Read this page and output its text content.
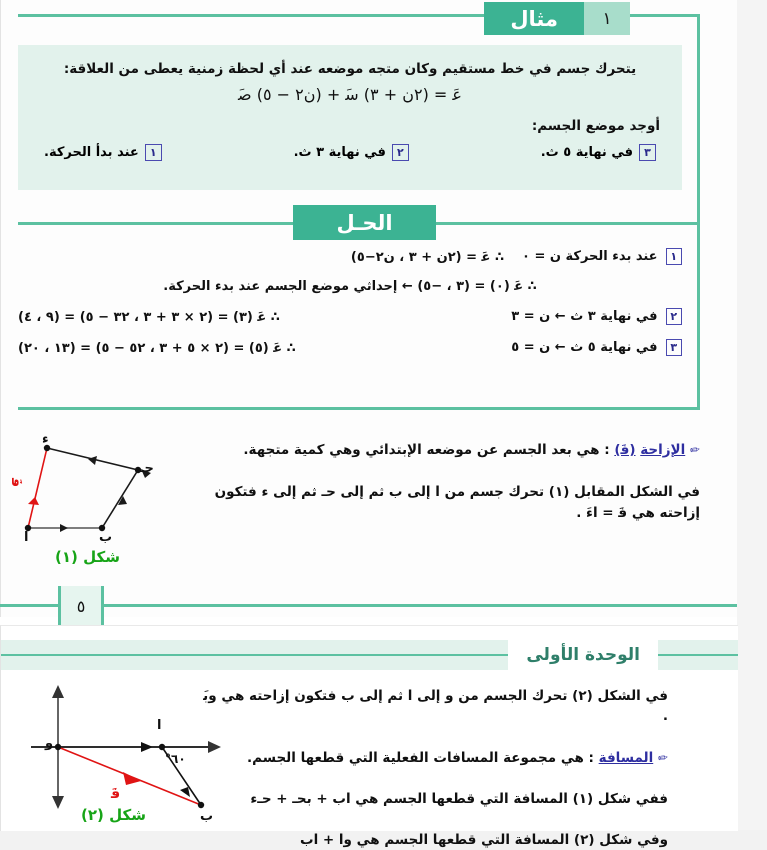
١
مثال
يتحرك جسم في خط مستقيم وكان متجه موضعه عند أي لحظة زمنية يعطى من العلاقة:
ع‍َ = (٢ن + ٣) س‍َ + (ن٢ − ٥) ص‍َ
أوجد موضع الجسم:
٣
في نهاية ٥ ث.
٢
في نهاية ٣ ث.
١
عند بدأ الحركة.
الحـل
١
عند بدء الحركة ن = ٠
∴ ع‍َ = (٢ن + ٣ ، ن٢−٥)
∴ ع‍َ (٠) = (٣ ، −٥) ← إحداثي موضع الجسم عند بدء الحركة.
٢
في نهاية ٣ ث ← ن = ٣
∴ ع‍َ (٣) = (٢ × ٣ + ٣ ، ٣٢ − ٥) = (٩ ، ٤)
٣
في نهاية ٥ ث ← ن = ٥
∴ ع‍َ (٥) = (٢ × ٥ + ٣ ، ٥٢ − ٥) = (١٣ ، ٢٠)
✏ الإزاحة (ف‍َ) : هي بعد الجسم عن موضعه الإبتدائي وهي كمية متجهة.
في الشكل المقابل (١) تحرك جسم من ا إلى ب ثم إلى حـ ثم إلى ء فتكون إزاحته هي ف‍َ = اء‍َ .
ا	ب
حـ
ء
ف‍َ
شكل (١)
٥
الوحدة الأولى
في الشكل (٢) تحرك الجسم من و إلى ا ثم إلى ب فتكون إزاحته هي وب‍َ .
✏ المسافة : هي مجموعة المسافات الفعلية التي قطعها الجسم.
ففي شكل (١) المسافة التي قطعها الجسم هي اب + بحـ + حـء
وفي شكل (٢) المسافة التي قطعها الجسم هي وا + اب
و
ا
ب
٦٠°
ف‍َ
شكل (٢)
